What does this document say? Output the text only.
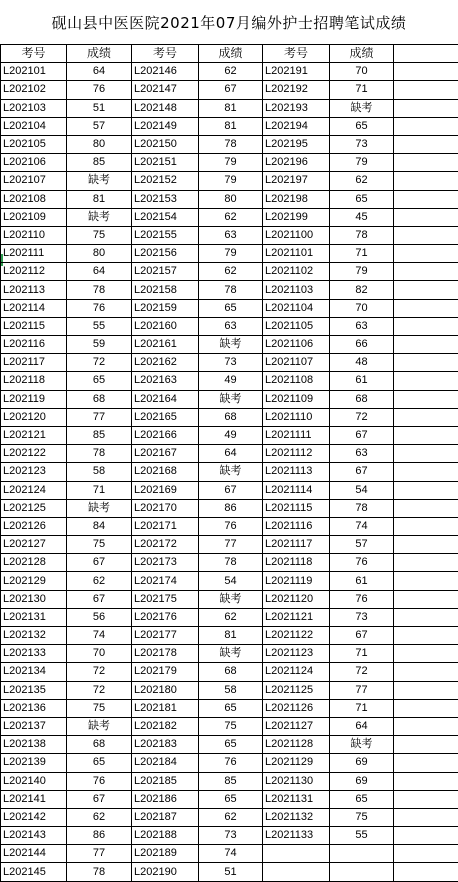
砚山县中医医院2021年07月编外护士招聘笔试成绩
考号	成绩	考号	成绩	考号	成绩	
L202101	64	L202146	62	L202191	70	
L202102	76	L202147	67	L202192	71	
L202103	51	L202148	81	L202193	缺考	
L202104	57	L202149	81	L202194	65	
L202105	80	L202150	78	L202195	73	
L202106	85	L202151	79	L202196	79	
L202107	缺考	L202152	79	L202197	62	
L202108	81	L202153	80	L202198	65	
L202109	缺考	L202154	62	L202199	45	
L202110	75	L202155	63	L2021100	78	
L202111	80	L202156	79	L2021101	71	
L202112	64	L202157	62	L2021102	79	
L202113	78	L202158	78	L2021103	82	
L202114	76	L202159	65	L2021104	70	
L202115	55	L202160	63	L2021105	63	
L202116	59	L202161	缺考	L2021106	66	
L202117	72	L202162	73	L2021107	48	
L202118	65	L202163	49	L2021108	61	
L202119	68	L202164	缺考	L2021109	68	
L202120	77	L202165	68	L2021110	72	
L202121	85	L202166	49	L2021111	67	
L202122	78	L202167	64	L2021112	63	
L202123	58	L202168	缺考	L2021113	67	
L202124	71	L202169	67	L2021114	54	
L202125	缺考	L202170	86	L2021115	78	
L202126	84	L202171	76	L2021116	74	
L202127	75	L202172	77	L2021117	57	
L202128	67	L202173	78	L2021118	76	
L202129	62	L202174	54	L2021119	61	
L202130	67	L202175	缺考	L2021120	76	
L202131	56	L202176	62	L2021121	73	
L202132	74	L202177	81	L2021122	67	
L202133	70	L202178	缺考	L2021123	71	
L202134	72	L202179	68	L2021124	72	
L202135	72	L202180	58	L2021125	77	
L202136	75	L202181	65	L2021126	71	
L202137	缺考	L202182	75	L2021127	64	
L202138	68	L202183	65	L2021128	缺考	
L202139	65	L202184	76	L2021129	69	
L202140	76	L202185	85	L2021130	69	
L202141	67	L202186	65	L2021131	65	
L202142	62	L202187	62	L2021132	75	
L202143	86	L202188	73	L2021133	55	
L202144	77	L202189	74			
L202145	78	L202190	51			
